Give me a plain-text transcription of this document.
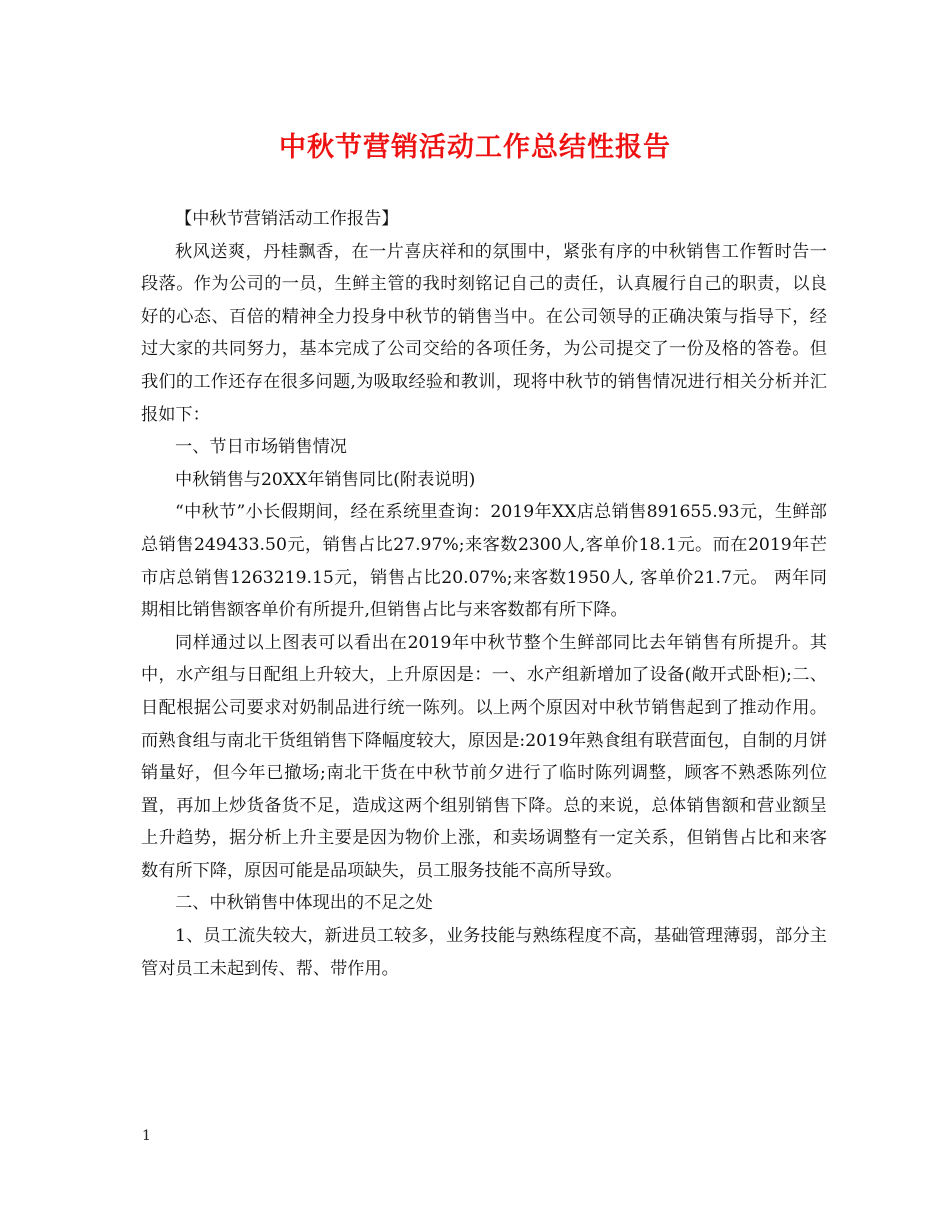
中秋节营销活动工作总结性报告

【中秋节营销活动工作报告】

秋风送爽，丹桂飘香，在一片喜庆祥和的氛围中，紧张有序的中秋销售工作暂时告一段落。作为公司的一员，生鲜主管的我时刻铭记自己的责任，认真履行自己的职责，以良好的心态、百倍的精神全力投身中秋节的销售当中。在公司领导的正确决策与指导下，经过大家的共同努力，基本完成了公司交给的各项任务，为公司提交了一份及格的答卷。但我们的工作还存在很多问题,为吸取经验和教训，现将中秋节的销售情况进行相关分析并汇报如下：

一、节日市场销售情况

中秋销售与20XX年销售同比(附表说明)

“中秋节”小长假期间，经在系统里查询：2019年XX店总销售891655.93元，生鲜部总销售249433.50元，销售占比27.97%;来客数2300人,客单价18.1元。而在2019年芒市店总销售1263219.15元，销售占比20.07%;来客数1950人, 客单价21.7元。 两年同期相比销售额客单价有所提升,但销售占比与来客数都有所下降。

同样通过以上图表可以看出在2019年中秋节整个生鲜部同比去年销售有所提升。其中，水产组与日配组上升较大，上升原因是：一、水产组新增加了设备(敞开式卧柜);二、日配根据公司要求对奶制品进行统一陈列。以上两个原因对中秋节销售起到了推动作用。而熟食组与南北干货组销售下降幅度较大，原因是:2019年熟食组有联营面包，自制的月饼销量好，但今年已撤场;南北干货在中秋节前夕进行了临时陈列调整，顾客不熟悉陈列位置，再加上炒货备货不足，造成这两个组别销售下降。总的来说，总体销售额和营业额呈上升趋势，据分析上升主要是因为物价上涨，和卖场调整有一定关系，但销售占比和来客数有所下降，原因可能是品项缺失，员工服务技能不高所导致。

二、中秋销售中体现出的不足之处

1、员工流失较大，新进员工较多，业务技能与熟练程度不高，基础管理薄弱，部分主管对员工未起到传、帮、带作用。

1
